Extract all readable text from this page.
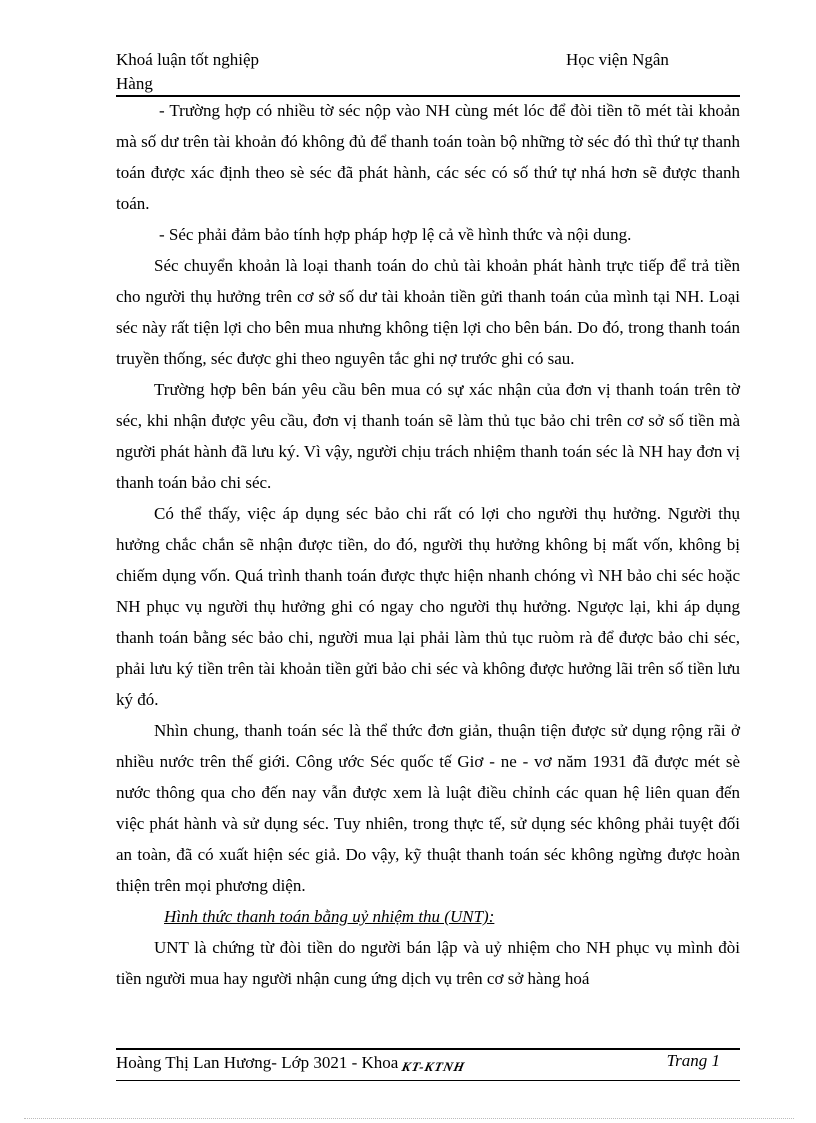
Khoá luận tốt nghiệp	Học viện Ngân
Hàng

- Trường hợp có nhiều tờ séc nộp vào NH cùng mét lóc để đòi tiền tõ mét tài khoản mà số dư trên tài khoản đó không đủ để thanh toán toàn bộ những tờ séc đó thì thứ tự thanh toán được xác định theo sè séc đã phát hành, các séc có số thứ tự nhá hơn sẽ được thanh toán.

- Séc phải đảm bảo tính hợp pháp hợp lệ cả về hình thức và nội dung.

Séc chuyển khoản là loại thanh toán do chủ tài khoản phát hành trực tiếp để trả tiền cho người thụ hưởng trên cơ sở số dư tài khoản tiền gửi thanh toán của mình tại NH. Loại séc này rất tiện lợi cho bên mua nhưng không tiện lợi cho bên bán. Do đó, trong thanh toán truyền thống, séc được ghi theo nguyên tắc ghi nợ trước ghi có sau.

Trường hợp bên bán yêu cầu bên mua có sự xác nhận của đơn vị thanh toán trên tờ séc, khi nhận được yêu cầu, đơn vị thanh toán sẽ làm thủ tục bảo chi trên cơ sở số tiền mà người phát hành đã lưu ký. Vì vậy, người chịu trách nhiệm thanh toán séc là NH hay đơn vị thanh toán bảo chi séc.

Có thể thấy, việc áp dụng séc bảo chi rất có lợi cho người thụ hưởng. Người thụ hưởng chắc chắn sẽ nhận được tiền, do đó, người thụ hưởng không bị mất vốn, không bị chiếm dụng vốn. Quá trình thanh toán được thực hiện nhanh chóng vì NH bảo chi séc hoặc NH phục vụ người thụ hưởng ghi có ngay cho người thụ hưởng. Ngược lại, khi áp dụng thanh toán bằng séc bảo chi, người mua lại phải làm thủ tục ruòm rà để được bảo chi séc, phải lưu ký tiền trên tài khoản tiền gửi bảo chi séc và không được hưởng lãi trên số tiền lưu ký đó.

Nhìn chung, thanh toán séc là thể thức đơn giản, thuận tiện được sử dụng rộng rãi ở nhiều nước trên thế giới. Công ước Séc quốc tế Giơ - ne - vơ năm 1931 đã được mét sè nước thông qua cho đến nay vẫn được xem là luật điều chỉnh các quan hệ liên quan đến việc phát hành và sử dụng séc. Tuy nhiên, trong thực tế, sử dụng séc không phải tuyệt đối an toàn, đã có xuất hiện séc giả. Do vậy, kỹ thuật thanh toán séc không ngừng được hoàn thiện trên mọi phương diện.

Hình thức thanh toán bằng uỷ nhiệm thu (UNT):

UNT là chứng từ đòi tiền do người bán lập và uỷ nhiệm cho NH phục vụ mình đòi tiền người mua hay người nhận cung ứng dịch vụ trên cơ sở hàng hoá

Hoàng Thị Lan Hương- Lớp 3021 - Khoa KT-KTNH	Trang 1
